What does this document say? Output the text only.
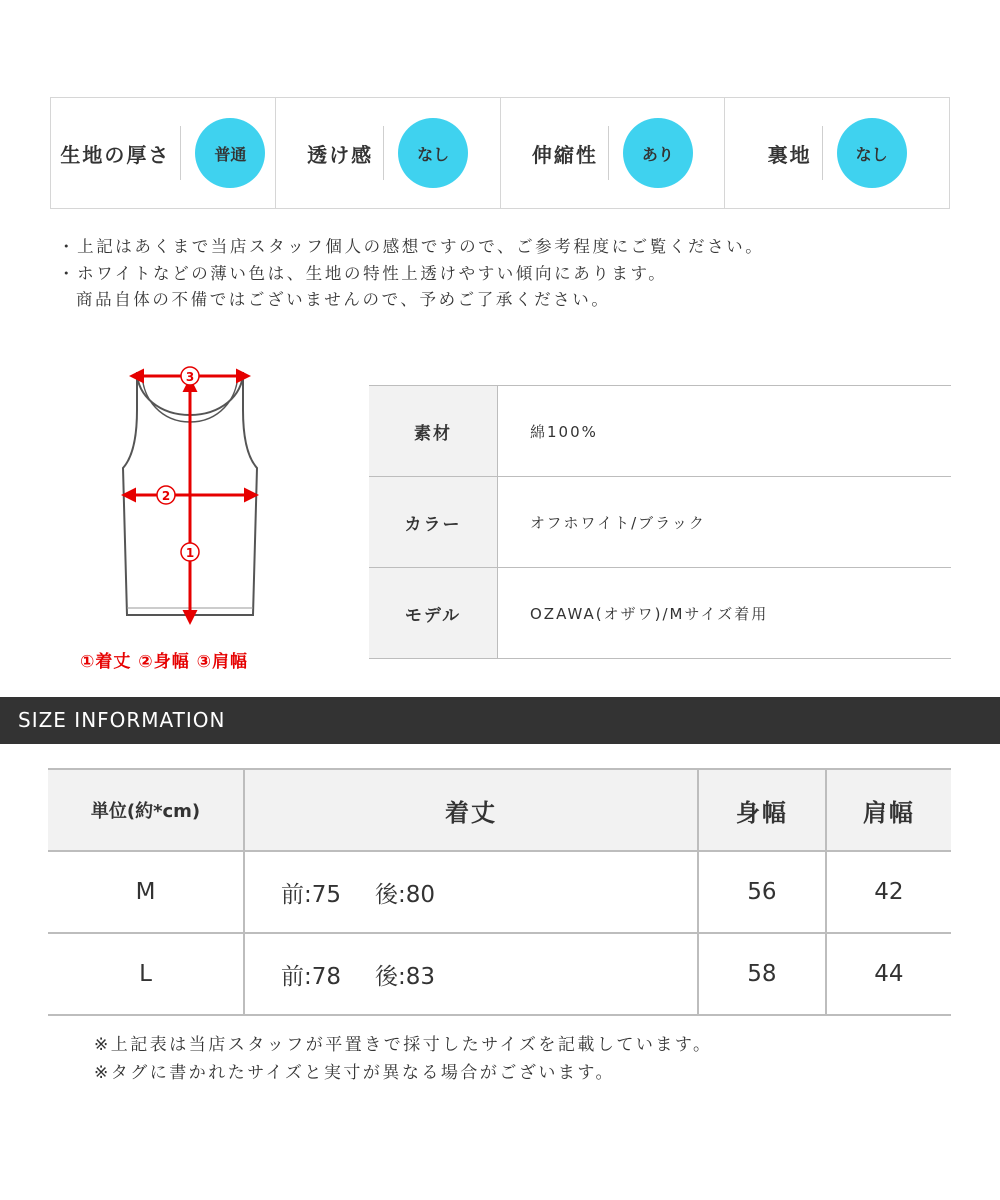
生地の厚さ	普通	透け感	なし	伸縮性	あり	裏地	なし
・上記はあくまで当店スタッフ個人の感想ですので、ご参考程度にご覧ください。
・ホワイトなどの薄い色は、生地の特性上透けやすい傾向にあります。
商品自体の不備ではございませんので、予めご了承ください。
3
2
1
①着丈 ②身幅 ③肩幅
素材	綿100%
カラー	オフホワイト/ブラック
モデル	OZAWA(オザワ)/Mサイズ着用
SIZE INFORMATION
単位(約*cm)	着丈	身幅	肩幅
M	前:75 後:80	56	42
L	前:78 後:83	58	44
※上記表は当店スタッフが平置きで採寸したサイズを記載しています。
※タグに書かれたサイズと実寸が異なる場合がございます。
